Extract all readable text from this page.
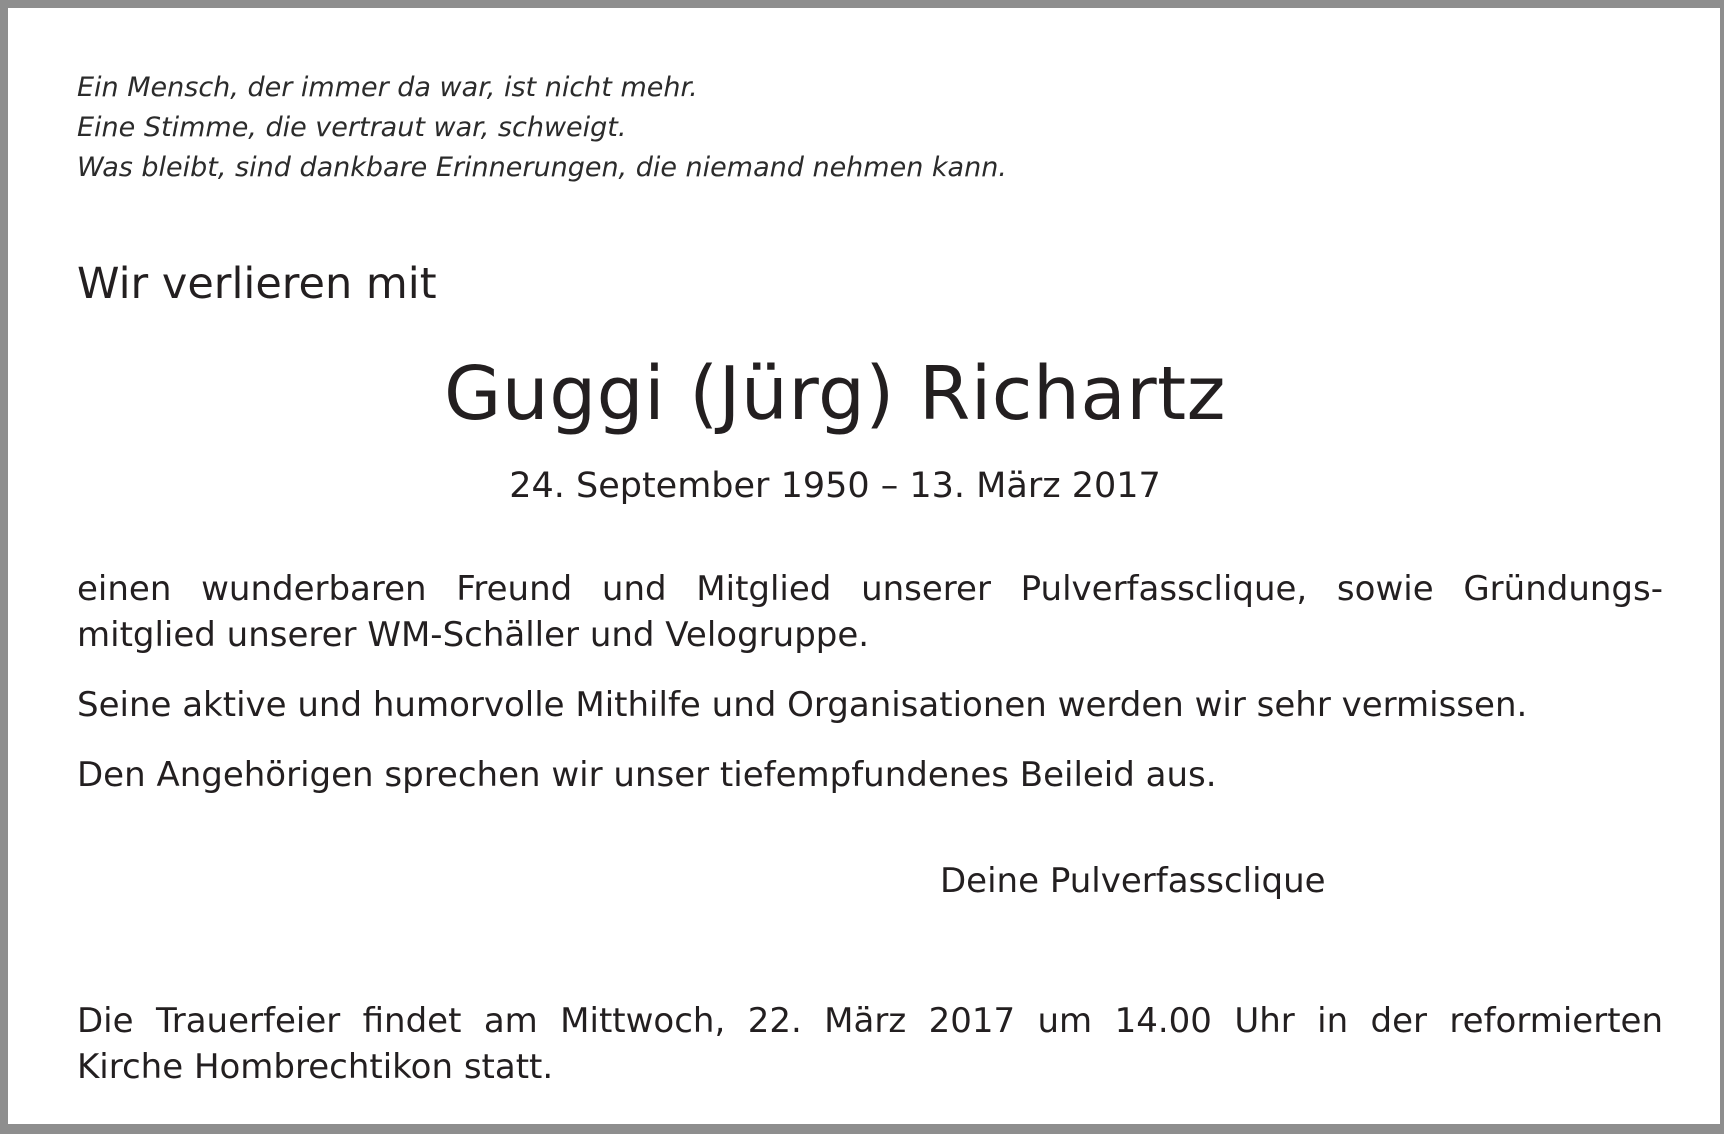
Ein Mensch, der immer da war, ist nicht mehr.
Eine Stimme, die vertraut war, schweigt.
Was bleibt, sind dankbare Erinnerungen, die niemand nehmen kann.

Wir verlieren mit

Guggi (Jürg) Richartz
24. September 1950 – 13. März 2017

einen wunderbaren Freund und Mitglied unserer Pulverfassclique, sowie Gründungs-
mitglied unserer WM-Schäller und Velogruppe.

Seine aktive und humorvolle Mithilfe und Organisationen werden wir sehr vermissen.

Den Angehörigen sprechen wir unser tiefempfundenes Beileid aus.

Deine Pulverfassclique

Die Trauerfeier findet am Mittwoch, 22. März 2017 um 14.00 Uhr in der reformierten
Kirche Hombrechtikon statt.
